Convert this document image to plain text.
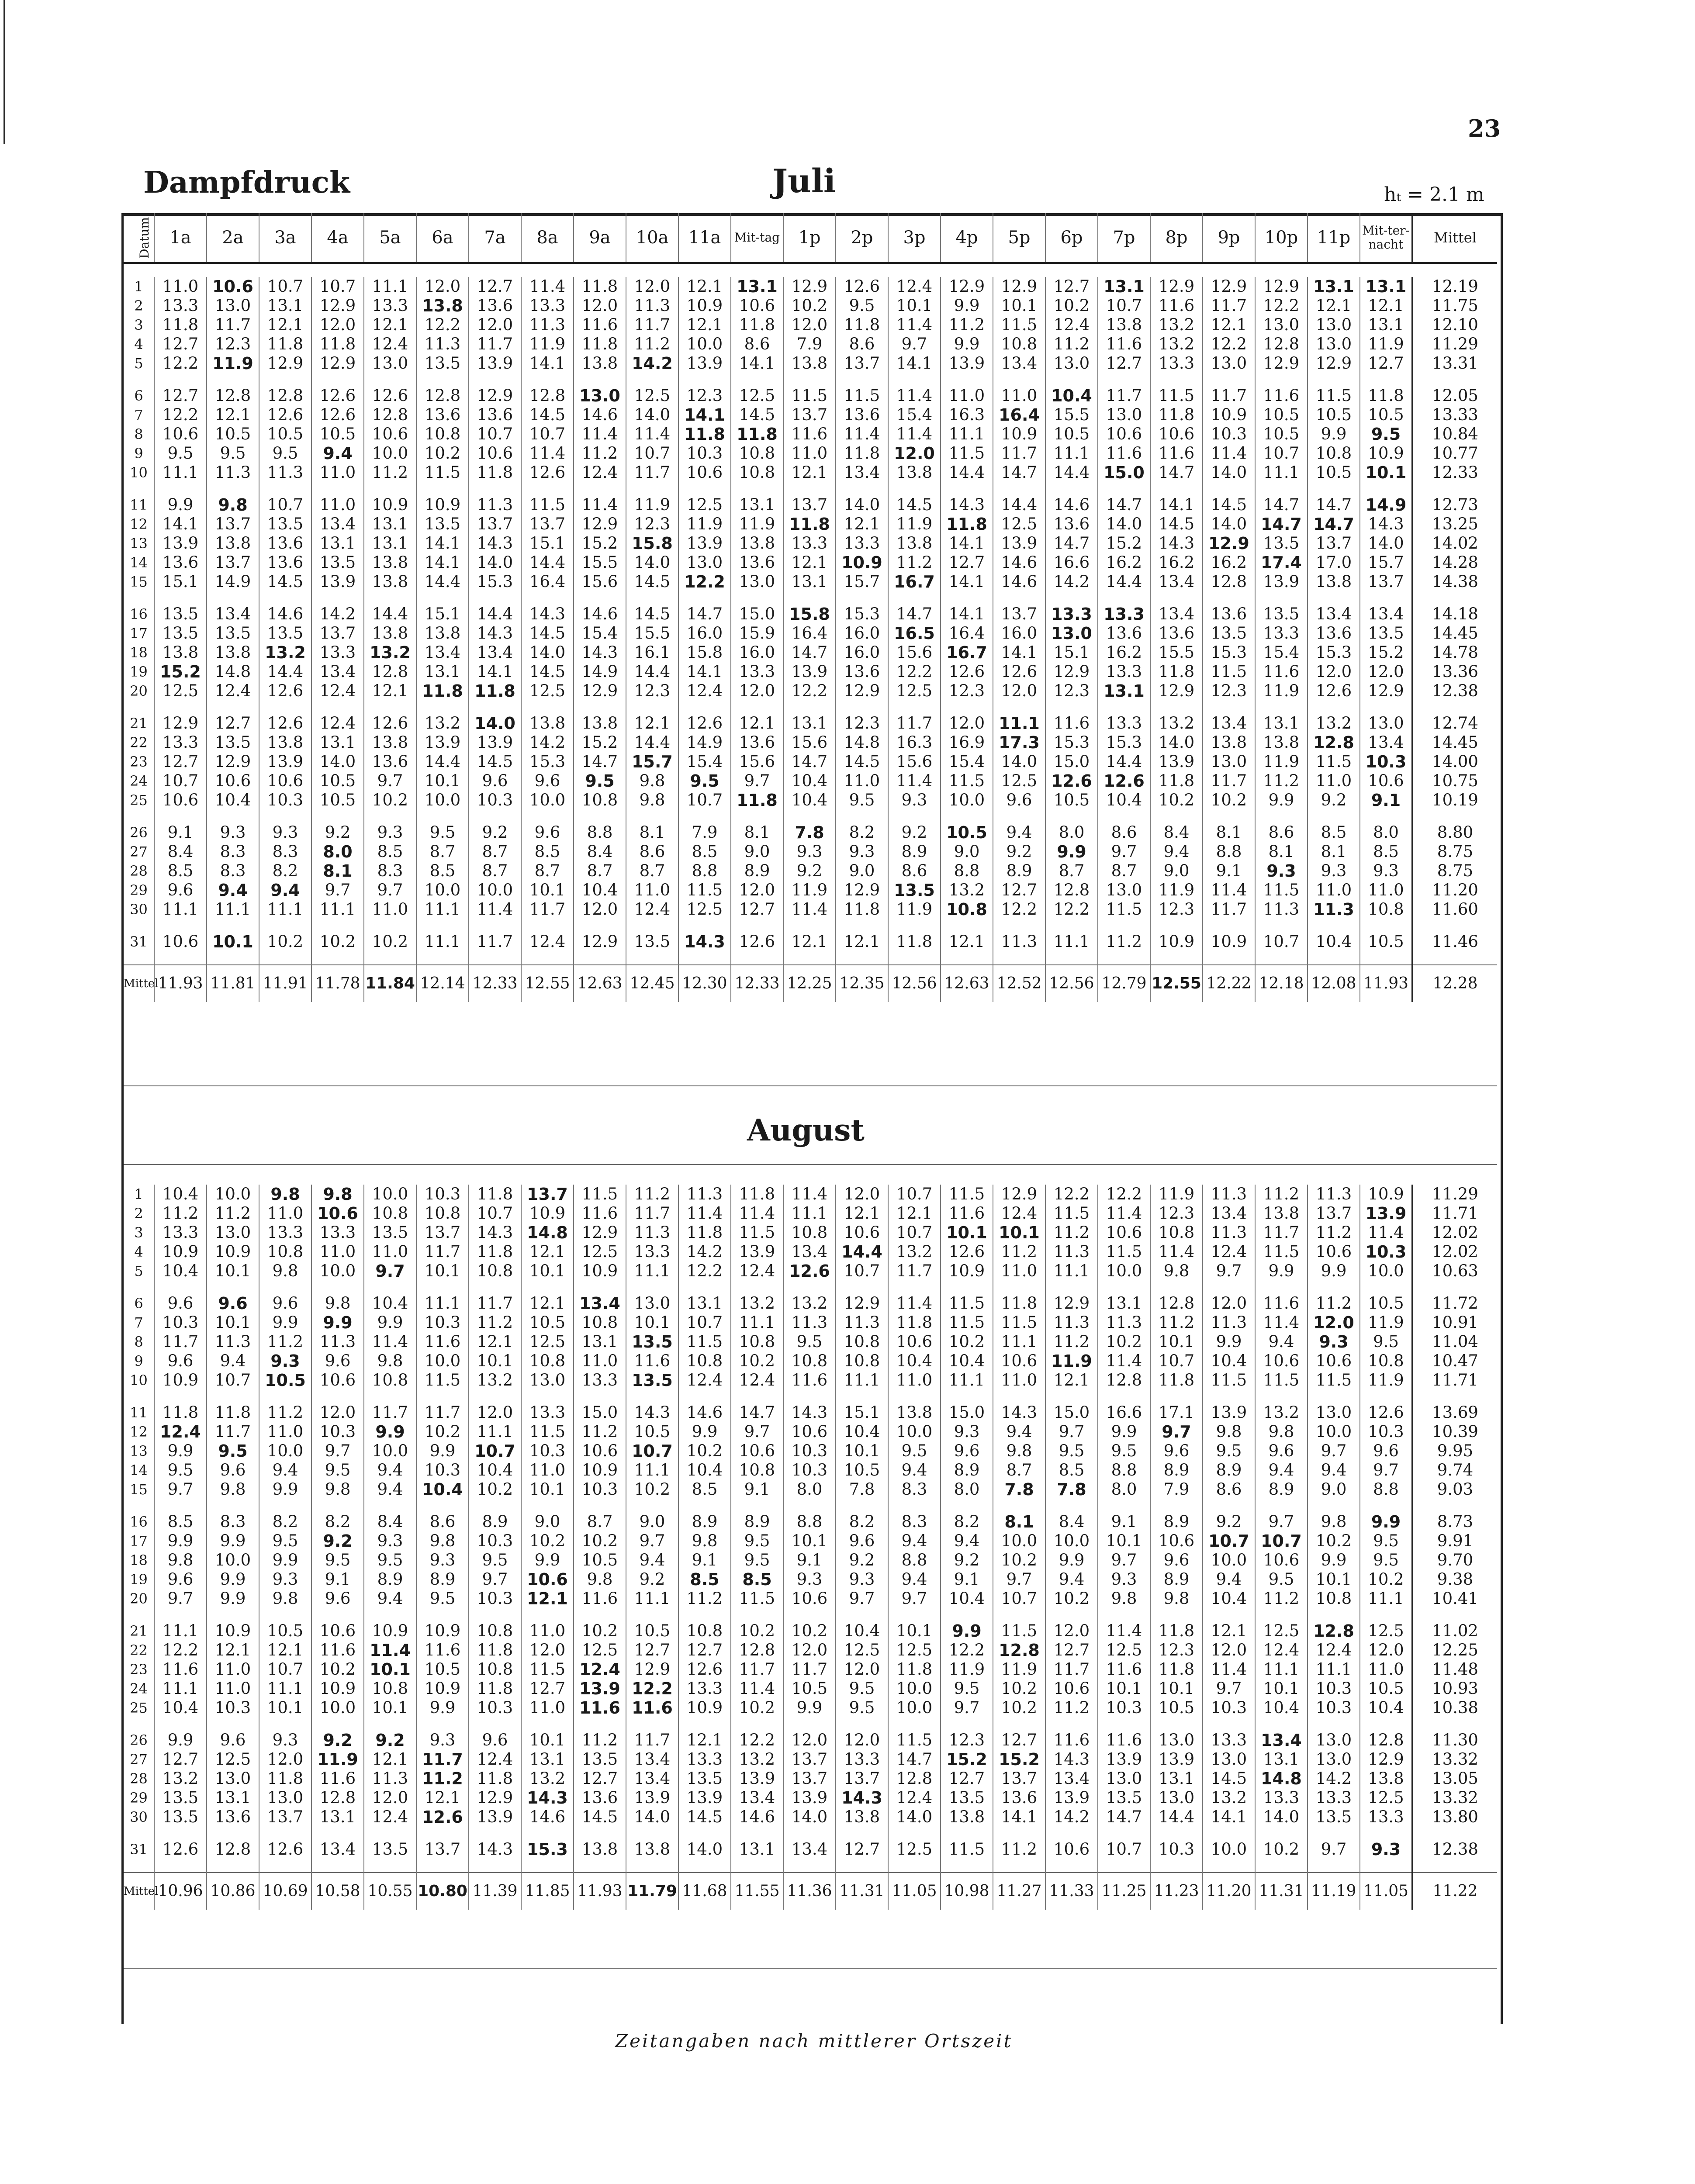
23
Dampfdruck	Juli	hₜ = 2.1 m
Datum	1a	2a	3a	4a	5a	6a	7a	8a	9a	10a	11a	Mit-tag	1p	2p	3p	4p	5p	6p	7p	8p	9p	10p	11p	Mit-ter-nacht	Mittel

1	11.0	10.6	10.7	10.7	11.1	12.0	12.7	11.4	11.8	12.0	12.1	13.1	12.9	12.6	12.4	12.9	12.9	12.7	13.1	12.9	12.9	12.9	13.1	13.1	12.19
2	13.3	13.0	13.1	12.9	13.3	13.8	13.6	13.3	12.0	11.3	10.9	10.6	10.2	9.5	10.1	9.9	10.1	10.2	10.7	11.6	11.7	12.2	12.1	12.1	11.75
3	11.8	11.7	12.1	12.0	12.1	12.2	12.0	11.3	11.6	11.7	12.1	11.8	12.0	11.8	11.4	11.2	11.5	12.4	13.8	13.2	12.1	13.0	13.0	13.1	12.10
4	12.7	12.3	11.8	11.8	12.4	11.3	11.7	11.9	11.8	11.2	10.0	8.6	7.9	8.6	9.7	9.9	10.8	11.2	11.6	13.2	12.2	12.8	13.0	11.9	11.29
5	12.2	11.9	12.9	12.9	13.0	13.5	13.9	14.1	13.8	14.2	13.9	14.1	13.8	13.7	14.1	13.9	13.4	13.0	12.7	13.3	13.0	12.9	12.9	12.7	13.31

6	12.7	12.8	12.8	12.6	12.6	12.8	12.9	12.8	13.0	12.5	12.3	12.5	11.5	11.5	11.4	11.0	11.0	10.4	11.7	11.5	11.7	11.6	11.5	11.8	12.05
7	12.2	12.1	12.6	12.6	12.8	13.6	13.6	14.5	14.6	14.0	14.1	14.5	13.7	13.6	15.4	16.3	16.4	15.5	13.0	11.8	10.9	10.5	10.5	10.5	13.33
8	10.6	10.5	10.5	10.5	10.6	10.8	10.7	10.7	11.4	11.4	11.8	11.8	11.6	11.4	11.4	11.1	10.9	10.5	10.6	10.6	10.3	10.5	9.9	9.5	10.84
9	9.5	9.5	9.5	9.4	10.0	10.2	10.6	11.4	11.2	10.7	10.3	10.8	11.0	11.8	12.0	11.5	11.7	11.1	11.6	11.6	11.4	10.7	10.8	10.9	10.77
10	11.1	11.3	11.3	11.0	11.2	11.5	11.8	12.6	12.4	11.7	10.6	10.8	12.1	13.4	13.8	14.4	14.7	14.4	15.0	14.7	14.0	11.1	10.5	10.1	12.33

11	9.9	9.8	10.7	11.0	10.9	10.9	11.3	11.5	11.4	11.9	12.5	13.1	13.7	14.0	14.5	14.3	14.4	14.6	14.7	14.1	14.5	14.7	14.7	14.9	12.73
12	14.1	13.7	13.5	13.4	13.1	13.5	13.7	13.7	12.9	12.3	11.9	11.9	11.8	12.1	11.9	11.8	12.5	13.6	14.0	14.5	14.0	14.7	14.7	14.3	13.25
13	13.9	13.8	13.6	13.1	13.1	14.1	14.3	15.1	15.2	15.8	13.9	13.8	13.3	13.3	13.8	14.1	13.9	14.7	15.2	14.3	12.9	13.5	13.7	14.0	14.02
14	13.6	13.7	13.6	13.5	13.8	14.1	14.0	14.4	15.5	14.0	13.0	13.6	12.1	10.9	11.2	12.7	14.6	16.6	16.2	16.2	16.2	17.4	17.0	15.7	14.28
15	15.1	14.9	14.5	13.9	13.8	14.4	15.3	16.4	15.6	14.5	12.2	13.0	13.1	15.7	16.7	14.1	14.6	14.2	14.4	13.4	12.8	13.9	13.8	13.7	14.38

16	13.5	13.4	14.6	14.2	14.4	15.1	14.4	14.3	14.6	14.5	14.7	15.0	15.8	15.3	14.7	14.1	13.7	13.3	13.3	13.4	13.6	13.5	13.4	13.4	14.18
17	13.5	13.5	13.5	13.7	13.8	13.8	14.3	14.5	15.4	15.5	16.0	15.9	16.4	16.0	16.5	16.4	16.0	13.0	13.6	13.6	13.5	13.3	13.6	13.5	14.45
18	13.8	13.8	13.2	13.3	13.2	13.4	13.4	14.0	14.3	16.1	15.8	16.0	14.7	16.0	15.6	16.7	14.1	15.1	16.2	15.5	15.3	15.4	15.3	15.2	14.78
19	15.2	14.8	14.4	13.4	12.8	13.1	14.1	14.5	14.9	14.4	14.1	13.3	13.9	13.6	12.2	12.6	12.6	12.9	13.3	11.8	11.5	11.6	12.0	12.0	13.36
20	12.5	12.4	12.6	12.4	12.1	11.8	11.8	12.5	12.9	12.3	12.4	12.0	12.2	12.9	12.5	12.3	12.0	12.3	13.1	12.9	12.3	11.9	12.6	12.9	12.38

21	12.9	12.7	12.6	12.4	12.6	13.2	14.0	13.8	13.8	12.1	12.6	12.1	13.1	12.3	11.7	12.0	11.1	11.6	13.3	13.2	13.4	13.1	13.2	13.0	12.74
22	13.3	13.5	13.8	13.1	13.8	13.9	13.9	14.2	15.2	14.4	14.9	13.6	15.6	14.8	16.3	16.9	17.3	15.3	15.3	14.0	13.8	13.8	12.8	13.4	14.45
23	12.7	12.9	13.9	14.0	13.6	14.4	14.5	15.3	14.7	15.7	15.4	15.6	14.7	14.5	15.6	15.4	14.0	15.0	14.4	13.9	13.0	11.9	11.5	10.3	14.00
24	10.7	10.6	10.6	10.5	9.7	10.1	9.6	9.6	9.5	9.8	9.5	9.7	10.4	11.0	11.4	11.5	12.5	12.6	12.6	11.8	11.7	11.2	11.0	10.6	10.75
25	10.6	10.4	10.3	10.5	10.2	10.0	10.3	10.0	10.8	9.8	10.7	11.8	10.4	9.5	9.3	10.0	9.6	10.5	10.4	10.2	10.2	9.9	9.2	9.1	10.19

26	9.1	9.3	9.3	9.2	9.3	9.5	9.2	9.6	8.8	8.1	7.9	8.1	7.8	8.2	9.2	10.5	9.4	8.0	8.6	8.4	8.1	8.6	8.5	8.0	8.80
27	8.4	8.3	8.3	8.0	8.5	8.7	8.7	8.5	8.4	8.6	8.5	9.0	9.3	9.3	8.9	9.0	9.2	9.9	9.7	9.4	8.8	8.1	8.1	8.5	8.75
28	8.5	8.3	8.2	8.1	8.3	8.5	8.7	8.7	8.7	8.7	8.8	8.9	9.2	9.0	8.6	8.8	8.9	8.7	8.7	9.0	9.1	9.3	9.3	9.3	8.75
29	9.6	9.4	9.4	9.7	9.7	10.0	10.0	10.1	10.4	11.0	11.5	12.0	11.9	12.9	13.5	13.2	12.7	12.8	13.0	11.9	11.4	11.5	11.0	11.0	11.20
30	11.1	11.1	11.1	11.1	11.0	11.1	11.4	11.7	12.0	12.4	12.5	12.7	11.4	11.8	11.9	10.8	12.2	12.2	11.5	12.3	11.7	11.3	11.3	10.8	11.60

31	10.6	10.1	10.2	10.2	10.2	11.1	11.7	12.4	12.9	13.5	14.3	12.6	12.1	12.1	11.8	12.1	11.3	11.1	11.2	10.9	10.9	10.7	10.4	10.5	11.46

Mittel	11.93	11.81	11.91	11.78	11.84	12.14	12.33	12.55	12.63	12.45	12.30	12.33	12.25	12.35	12.56	12.63	12.52	12.56	12.79	12.55	12.22	12.18	12.08	11.93	12.28
August

1	10.4	10.0	9.8	9.8	10.0	10.3	11.8	13.7	11.5	11.2	11.3	11.8	11.4	12.0	10.7	11.5	12.9	12.2	12.2	11.9	11.3	11.2	11.3	10.9	11.29
2	11.2	11.2	11.0	10.6	10.8	10.8	10.7	10.9	11.6	11.7	11.4	11.4	11.1	12.1	12.1	11.6	12.4	11.5	11.4	12.3	13.4	13.8	13.7	13.9	11.71
3	13.3	13.0	13.3	13.3	13.5	13.7	14.3	14.8	12.9	11.3	11.8	11.5	10.8	10.6	10.7	10.1	10.1	11.2	10.6	10.8	11.3	11.7	11.2	11.4	12.02
4	10.9	10.9	10.8	11.0	11.0	11.7	11.8	12.1	12.5	13.3	14.2	13.9	13.4	14.4	13.2	12.6	11.2	11.3	11.5	11.4	12.4	11.5	10.6	10.3	12.02
5	10.4	10.1	9.8	10.0	9.7	10.1	10.8	10.1	10.9	11.1	12.2	12.4	12.6	10.7	11.7	10.9	11.0	11.1	10.0	9.8	9.7	9.9	9.9	10.0	10.63

6	9.6	9.6	9.6	9.8	10.4	11.1	11.7	12.1	13.4	13.0	13.1	13.2	13.2	12.9	11.4	11.5	11.8	12.9	13.1	12.8	12.0	11.6	11.2	10.5	11.72
7	10.3	10.1	9.9	9.9	9.9	10.3	11.2	10.5	10.8	10.1	10.7	11.1	11.3	11.3	11.8	11.5	11.5	11.3	11.3	11.2	11.3	11.4	12.0	11.9	10.91
8	11.7	11.3	11.2	11.3	11.4	11.6	12.1	12.5	13.1	13.5	11.5	10.8	9.5	10.8	10.6	10.2	11.1	11.2	10.2	10.1	9.9	9.4	9.3	9.5	11.04
9	9.6	9.4	9.3	9.6	9.8	10.0	10.1	10.8	11.0	11.6	10.8	10.2	10.8	10.8	10.4	10.4	10.6	11.9	11.4	10.7	10.4	10.6	10.6	10.8	10.47
10	10.9	10.7	10.5	10.6	10.8	11.5	13.2	13.0	13.3	13.5	12.4	12.4	11.6	11.1	11.0	11.1	11.0	12.1	12.8	11.8	11.5	11.5	11.5	11.9	11.71

11	11.8	11.8	11.2	12.0	11.7	11.7	12.0	13.3	15.0	14.3	14.6	14.7	14.3	15.1	13.8	15.0	14.3	15.0	16.6	17.1	13.9	13.2	13.0	12.6	13.69
12	12.4	11.7	11.0	10.3	9.9	10.2	11.1	11.5	11.2	10.5	9.9	9.7	10.6	10.4	10.0	9.3	9.4	9.7	9.9	9.7	9.8	9.8	10.0	10.3	10.39
13	9.9	9.5	10.0	9.7	10.0	9.9	10.7	10.3	10.6	10.7	10.2	10.6	10.3	10.1	9.5	9.6	9.8	9.5	9.5	9.6	9.5	9.6	9.7	9.6	9.95
14	9.5	9.6	9.4	9.5	9.4	10.3	10.4	11.0	10.9	11.1	10.4	10.8	10.3	10.5	9.4	8.9	8.7	8.5	8.8	8.9	8.9	9.4	9.4	9.7	9.74
15	9.7	9.8	9.9	9.8	9.4	10.4	10.2	10.1	10.3	10.2	8.5	9.1	8.0	7.8	8.3	8.0	7.8	7.8	8.0	7.9	8.6	8.9	9.0	8.8	9.03

16	8.5	8.3	8.2	8.2	8.4	8.6	8.9	9.0	8.7	9.0	8.9	8.9	8.8	8.2	8.3	8.2	8.1	8.4	9.1	8.9	9.2	9.7	9.8	9.9	8.73
17	9.9	9.9	9.5	9.2	9.3	9.8	10.3	10.2	10.2	9.7	9.8	9.5	10.1	9.6	9.4	9.4	10.0	10.0	10.1	10.6	10.7	10.7	10.2	9.5	9.91
18	9.8	10.0	9.9	9.5	9.5	9.3	9.5	9.9	10.5	9.4	9.1	9.5	9.1	9.2	8.8	9.2	10.2	9.9	9.7	9.6	10.0	10.6	9.9	9.5	9.70
19	9.6	9.9	9.3	9.1	8.9	8.9	9.7	10.6	9.8	9.2	8.5	8.5	9.3	9.3	9.4	9.1	9.7	9.4	9.3	8.9	9.4	9.5	10.1	10.2	9.38
20	9.7	9.9	9.8	9.6	9.4	9.5	10.3	12.1	11.6	11.1	11.2	11.5	10.6	9.7	9.7	10.4	10.7	10.2	9.8	9.8	10.4	11.2	10.8	11.1	10.41

21	11.1	10.9	10.5	10.6	10.9	10.9	10.8	11.0	10.2	10.5	10.8	10.2	10.2	10.4	10.1	9.9	11.5	12.0	11.4	11.8	12.1	12.5	12.8	12.5	11.02
22	12.2	12.1	12.1	11.6	11.4	11.6	11.8	12.0	12.5	12.7	12.7	12.8	12.0	12.5	12.5	12.2	12.8	12.7	12.5	12.3	12.0	12.4	12.4	12.0	12.25
23	11.6	11.0	10.7	10.2	10.1	10.5	10.8	11.5	12.4	12.9	12.6	11.7	11.7	12.0	11.8	11.9	11.9	11.7	11.6	11.8	11.4	11.1	11.1	11.0	11.48
24	11.1	11.0	11.1	10.9	10.8	10.9	11.8	12.7	13.9	12.2	13.3	11.4	10.5	9.5	10.0	9.5	10.2	10.6	10.1	10.1	9.7	10.1	10.3	10.5	10.93
25	10.4	10.3	10.1	10.0	10.1	9.9	10.3	11.0	11.6	11.6	10.9	10.2	9.9	9.5	10.0	9.7	10.2	11.2	10.3	10.5	10.3	10.4	10.3	10.4	10.38

26	9.9	9.6	9.3	9.2	9.2	9.3	9.6	10.1	11.2	11.7	12.1	12.2	12.0	12.0	11.5	12.3	12.7	11.6	11.6	13.0	13.3	13.4	13.0	12.8	11.30
27	12.7	12.5	12.0	11.9	12.1	11.7	12.4	13.1	13.5	13.4	13.3	13.2	13.7	13.3	14.7	15.2	15.2	14.3	13.9	13.9	13.0	13.1	13.0	12.9	13.32
28	13.2	13.0	11.8	11.6	11.3	11.2	11.8	13.2	12.7	13.4	13.5	13.9	13.7	13.7	12.8	12.7	13.7	13.4	13.0	13.1	14.5	14.8	14.2	13.8	13.05
29	13.5	13.1	13.0	12.8	12.0	12.1	12.9	14.3	13.6	13.9	13.9	13.4	13.9	14.3	12.4	13.5	13.6	13.9	13.5	13.0	13.2	13.3	13.3	12.5	13.32
30	13.5	13.6	13.7	13.1	12.4	12.6	13.9	14.6	14.5	14.0	14.5	14.6	14.0	13.8	14.0	13.8	14.1	14.2	14.7	14.4	14.1	14.0	13.5	13.3	13.80

31	12.6	12.8	12.6	13.4	13.5	13.7	14.3	15.3	13.8	13.8	14.0	13.1	13.4	12.7	12.5	11.5	11.2	10.6	10.7	10.3	10.0	10.2	9.7	9.3	12.38

Mittel	10.96	10.86	10.69	10.58	10.55	10.80	11.39	11.85	11.93	11.79	11.68	11.55	11.36	11.31	11.05	10.98	11.27	11.33	11.25	11.23	11.20	11.31	11.19	11.05	11.22
Zeitangaben nach mittlerer Ortszeit
